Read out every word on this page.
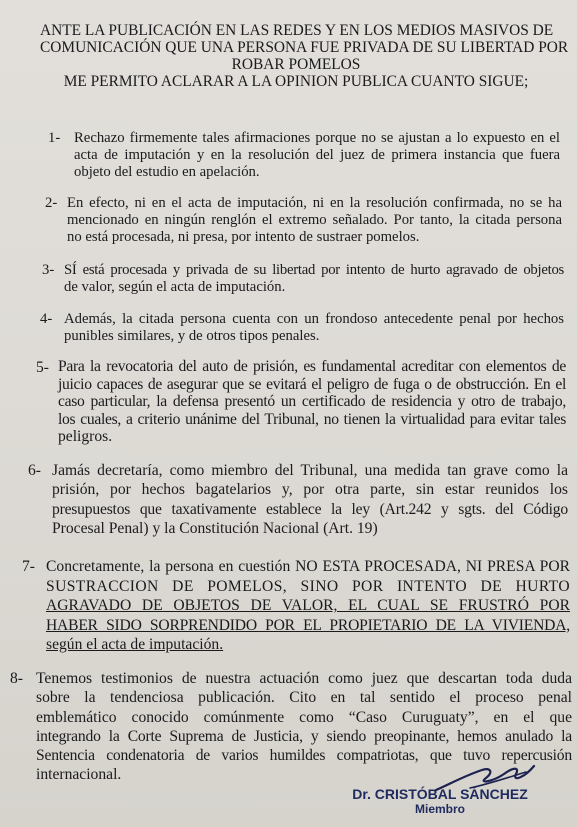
ANTE LA PUBLICACIÓN EN LAS REDES Y EN LOS MEDIOS MASIVOS DE
COMUNICACIÓN QUE UNA PERSONA FUE PRIVADA DE SU LIBERTAD POR
ROBAR POMELOS
ME PERMITO ACLARAR A LA OPINION PUBLICA CUANTO SIGUE;
1- Rechazo firmemente tales afirmaciones porque no se ajustan a lo expuesto en el
acta de imputación y en la resolución del juez de primera instancia que fuera
objeto del estudio en apelación.
2- En efecto, ni en el acta de imputación, ni en la resolución confirmada, no se ha
mencionado en ningún renglón el extremo señalado. Por tanto, la citada persona
no está procesada, ni presa, por intento de sustraer pomelos.
3- SÍ está procesada y privada de su libertad por intento de hurto agravado de objetos
de valor, según el acta de imputación.
4- Además, la citada persona cuenta con un frondoso antecedente penal por hechos
punibles similares, y de otros tipos penales.
5- Para la revocatoria del auto de prisión, es fundamental acreditar con elementos de
juicio capaces de asegurar que se evitará el peligro de fuga o de obstrucción. En el
caso particular, la defensa presentó un certificado de residencia y otro de trabajo,
los cuales, a criterio unánime del Tribunal, no tienen la virtualidad para evitar tales
peligros.
6- Jamás decretaría, como miembro del Tribunal, una medida tan grave como la
prisión, por hechos bagatelarios y, por otra parte, sin estar reunidos los
presupuestos que taxativamente establece la ley (Art.242 y sgts. del Código
Procesal Penal) y la Constitución Nacional (Art. 19)
7- Concretamente, la persona en cuestión NO ESTA PROCESADA, NI PRESA POR
SUSTRACCION DE POMELOS, SINO POR INTENTO DE HURTO
AGRAVADO DE OBJETOS DE VALOR, EL CUAL SE FRUSTRÓ POR
HABER SIDO SORPRENDIDO POR EL PROPIETARIO DE LA VIVIENDA,
según el acta de imputación.
8- Tenemos testimonios de nuestra actuación como juez que descartan toda duda
sobre la tendenciosa publicación. Cito en tal sentido el proceso penal
emblemático conocido comúnmente como “Caso Curuguaty”, en el que
integrando la Corte Suprema de Justicia, y siendo preopinante, hemos anulado la
Sentencia condenatoria de varios humildes compatriotas, que tuvo repercusión
internacional.
Dr. CRISTÓBAL SÁNCHEZ
Miembro
